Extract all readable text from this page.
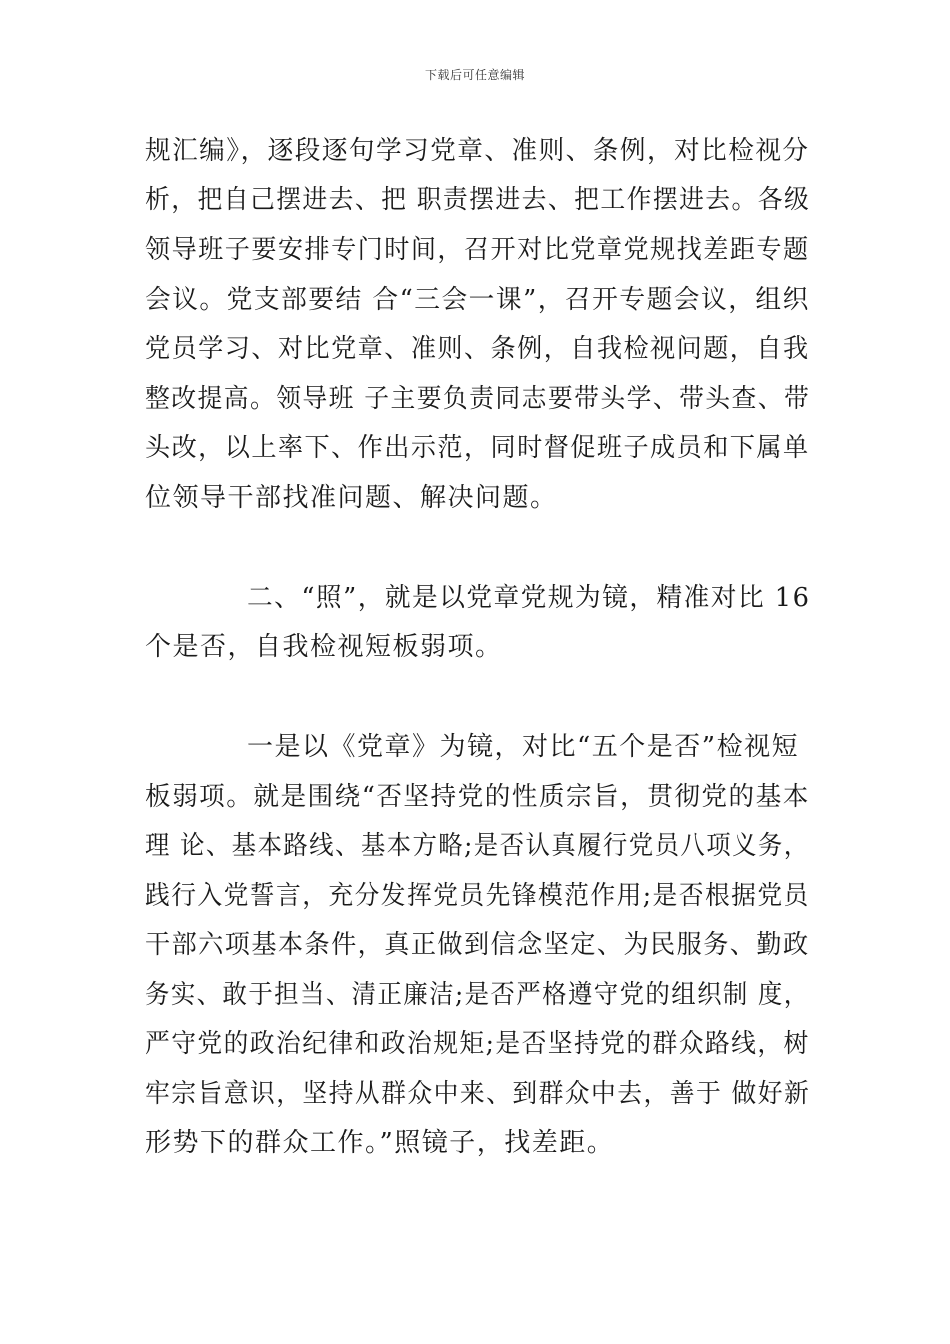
下载后可任意编辑
规汇编》，逐段逐句学习党章、准则、条例，对比检视分
析，把自己摆进去、把 职责摆进去、把工作摆进去。各级
领导班子要安排专门时间，召开对比党章党规找差距专题
会议。党支部要结 合“三会一课”，召开专题会议，组织
党员学习、对比党章、准则、条例，自我检视问题，自我
整改提高。领导班 子主要负责同志要带头学、带头查、带
头改，以上率下、作出示范，同时督促班子成员和下属单
位领导干部找准问题、解决问题。
二、“照”，就是以党章党规为镜，精准对比 16
个是否，自我检视短板弱项。
一是以《党章》为镜，对比“五个是否”检视短
板弱项。就是围绕“否坚持党的性质宗旨，贯彻党的基本
理 论、基本路线、基本方略;是否认真履行党员八项义务，
践行入党誓言，充分发挥党员先锋模范作用;是否根据党员
干部六项基本条件，真正做到信念坚定、为民服务、勤政
务实、敢于担当、清正廉洁;是否严格遵守党的组织制 度，
严守党的政治纪律和政治规矩;是否坚持党的群众路线，树
牢宗旨意识，坚持从群众中来、到群众中去，善于 做好新
形势下的群众工作。”照镜子，找差距。
